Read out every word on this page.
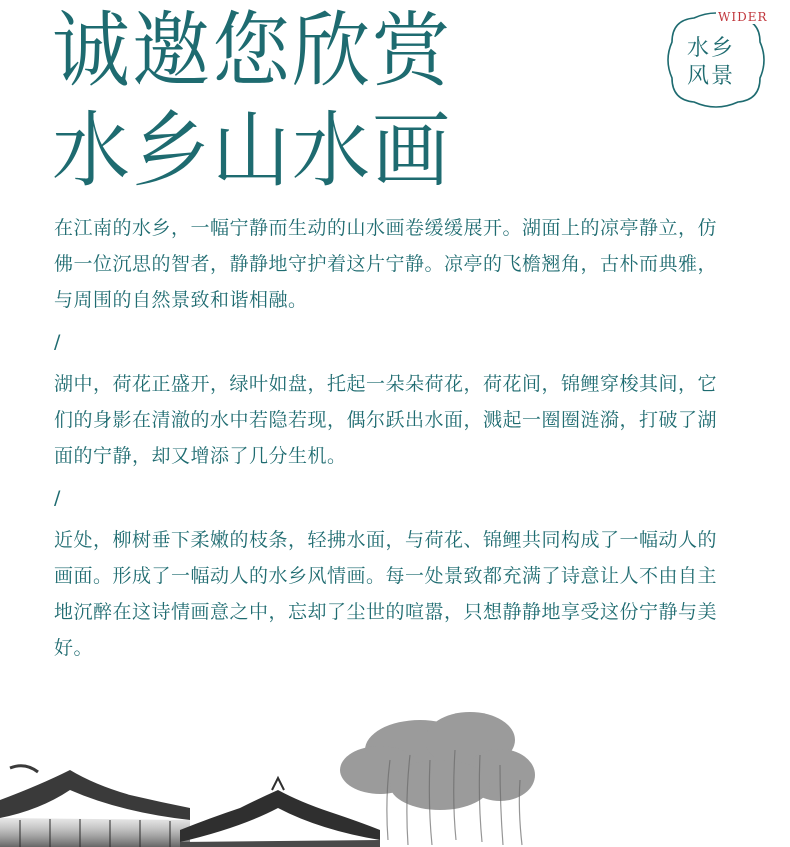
诚邀您欣赏
水乡山水画
WIDER
水乡
风景

在江南的水乡，一幅宁静而生动的山水画卷缓缓展开。湖面上的凉亭静立，仿佛一位沉思的智者，静静地守护着这片宁静。凉亭的飞檐翘角，古朴而典雅，与周围的自然景致和谐相融。

/

湖中，荷花正盛开，绿叶如盘，托起一朵朵荷花，荷花间，锦鲤穿梭其间，它们的身影在清澈的水中若隐若现，偶尔跃出水面，溅起一圈圈涟漪，打破了湖面的宁静，却又增添了几分生机。

/

近处，柳树垂下柔嫩的枝条，轻拂水面，与荷花、锦鲤共同构成了一幅动人的画面。形成了一幅动人的水乡风情画。每一处景致都充满了诗意让人不由自主地沉醉在这诗情画意之中，忘却了尘世的喧嚣，只想静静地享受这份宁静与美好。
